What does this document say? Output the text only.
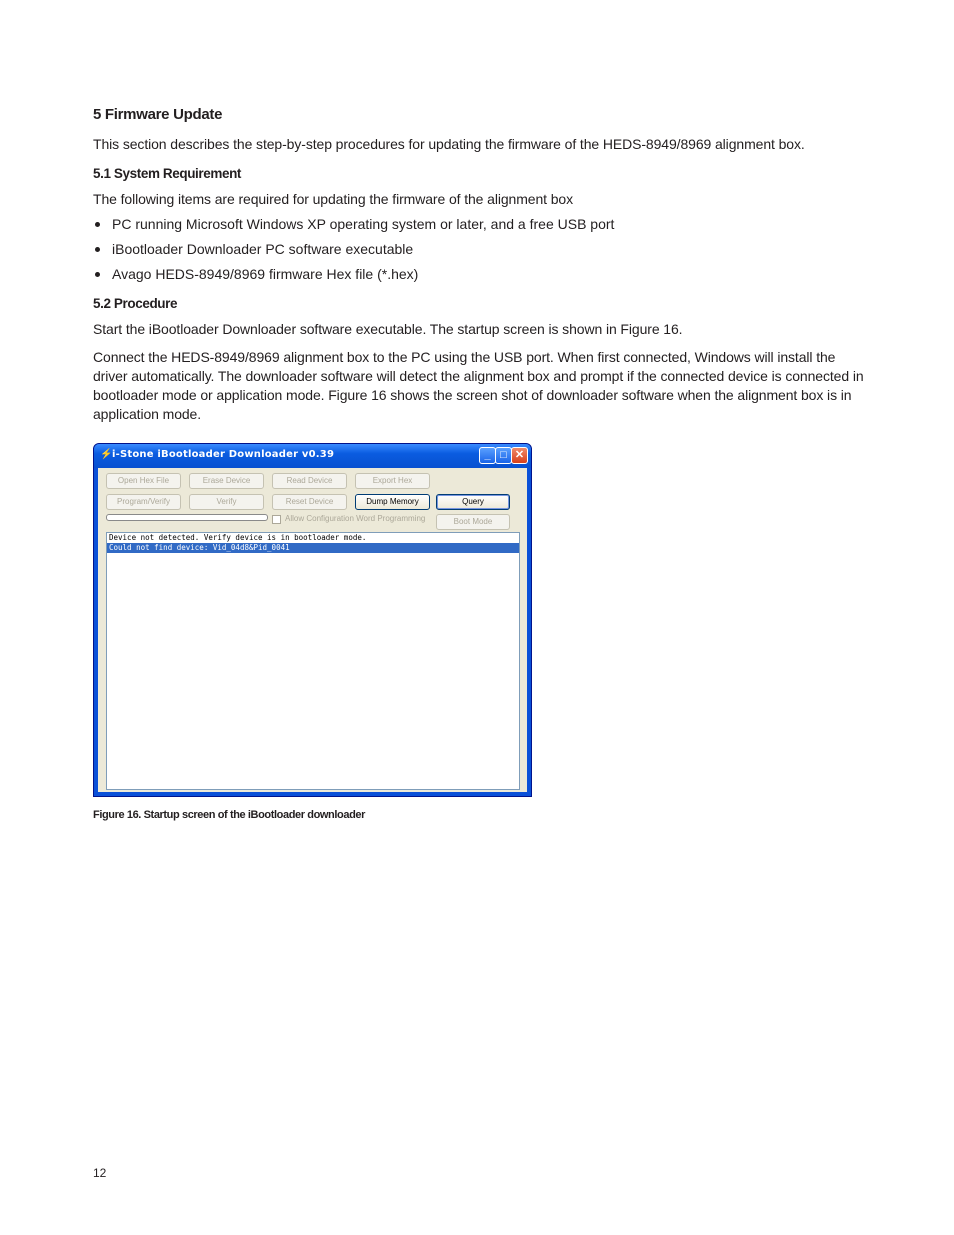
5 Firmware Update
This section describes the step-by-step procedures for updating the firmware of the HEDS-8949/8969 alignment box.
5.1 System Requirement
The following items are required for updating the firmware of the alignment box
PC running Microsoft Windows XP operating system or later, and a free USB port
iBootloader Downloader PC software executable
Avago HEDS-8949/8969 firmware Hex file (*.hex)
5.2 Procedure
Start the iBootloader Downloader software executable. The startup screen is shown in Figure 16.
Connect the HEDS-8949/8969 alignment box to the PC using the USB port. When first connected, Windows will install the driver automatically. The downloader software will detect the alignment box and prompt if the connected device is connected in bootloader mode or application mode. Figure 16 shows the screen shot of downloader software when the alignment box is in application mode.
⚡ i-Stone iBootloader Downloader v0.39	_ □ ✕
Open Hex File	Erase Device	Read Device	Export Hex
Program/Verify	Verify	Reset Device	Dump Memory	Query
Allow Configuration Word Programming	Boot Mode
Device not detected. Verify device is in bootloader mode.
Could not find device: Vid_04d8&Pid_0041
Figure 16. Startup screen of the iBootloader downloader
12
